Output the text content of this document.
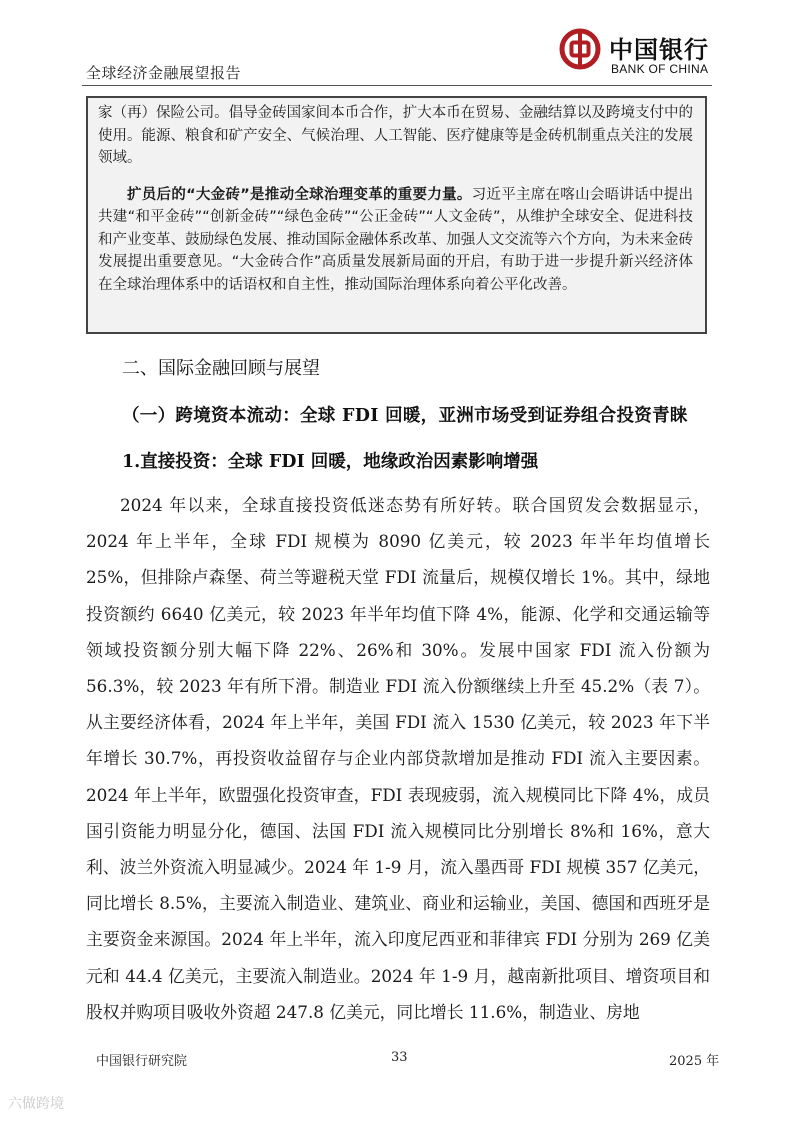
全球经济金融展望报告
中国银行
BANK OF CHINA

家（再）保险公司。倡导金砖国家间本币合作，扩大本币在贸易、金融结算以及跨境支付中的使用。能源、粮食和矿产安全、气候治理、人工智能、医疗健康等是金砖机制重点关注的发展领域。

扩员后的“大金砖”是推动全球治理变革的重要力量。习近平主席在喀山会晤讲话中提出共建“和平金砖”“创新金砖”“绿色金砖”“公正金砖”“人文金砖”，从维护全球安全、促进科技和产业变革、鼓励绿色发展、推动国际金融体系改革、加强人文交流等六个方向，为未来金砖发展提出重要意见。“大金砖合作”高质量发展新局面的开启，有助于进一步提升新兴经济体在全球治理体系中的话语权和自主性，推动国际治理体系向着公平化改善。

二、国际金融回顾与展望
（一）跨境资本流动：全球 FDI 回暖，亚洲市场受到证券组合投资青睐
1.直接投资：全球 FDI 回暖，地缘政治因素影响增强

2024 年以来，全球直接投资低迷态势有所好转。联合国贸发会数据显示，2024 年上半年，全球 FDI 规模为 8090 亿美元，较 2023 年半年均值增长 25%，但排除卢森堡、荷兰等避税天堂 FDI 流量后，规模仅增长 1%。其中，绿地投资额约 6640 亿美元，较 2023 年半年均值下降 4%，能源、化学和交通运输等领域投资额分别大幅下降 22%、26%和 30%。发展中国家 FDI 流入份额为 56.3%，较 2023 年有所下滑。制造业 FDI 流入份额继续上升至 45.2%（表 7）。从主要经济体看，2024 年上半年，美国 FDI 流入 1530 亿美元，较 2023 年下半年增长 30.7%，再投资收益留存与企业内部贷款增加是推动 FDI 流入主要因素。2024 年上半年，欧盟强化投资审查，FDI 表现疲弱，流入规模同比下降 4%，成员国引资能力明显分化，德国、法国 FDI 流入规模同比分别增长 8%和 16%，意大利、波兰外资流入明显减少。2024 年 1-9 月，流入墨西哥 FDI 规模 357 亿美元，同比增长 8.5%，主要流入制造业、建筑业、商业和运输业，美国、德国和西班牙是主要资金来源国。2024 年上半年，流入印度尼西亚和菲律宾 FDI 分别为 269 亿美元和 44.4 亿美元，主要流入制造业。2024 年 1-9 月，越南新批项目、增资项目和股权并购项目吸收外资超 247.8 亿美元，同比增长 11.6%，制造业、房地

中国银行研究院	33	2025 年
六做跨境
